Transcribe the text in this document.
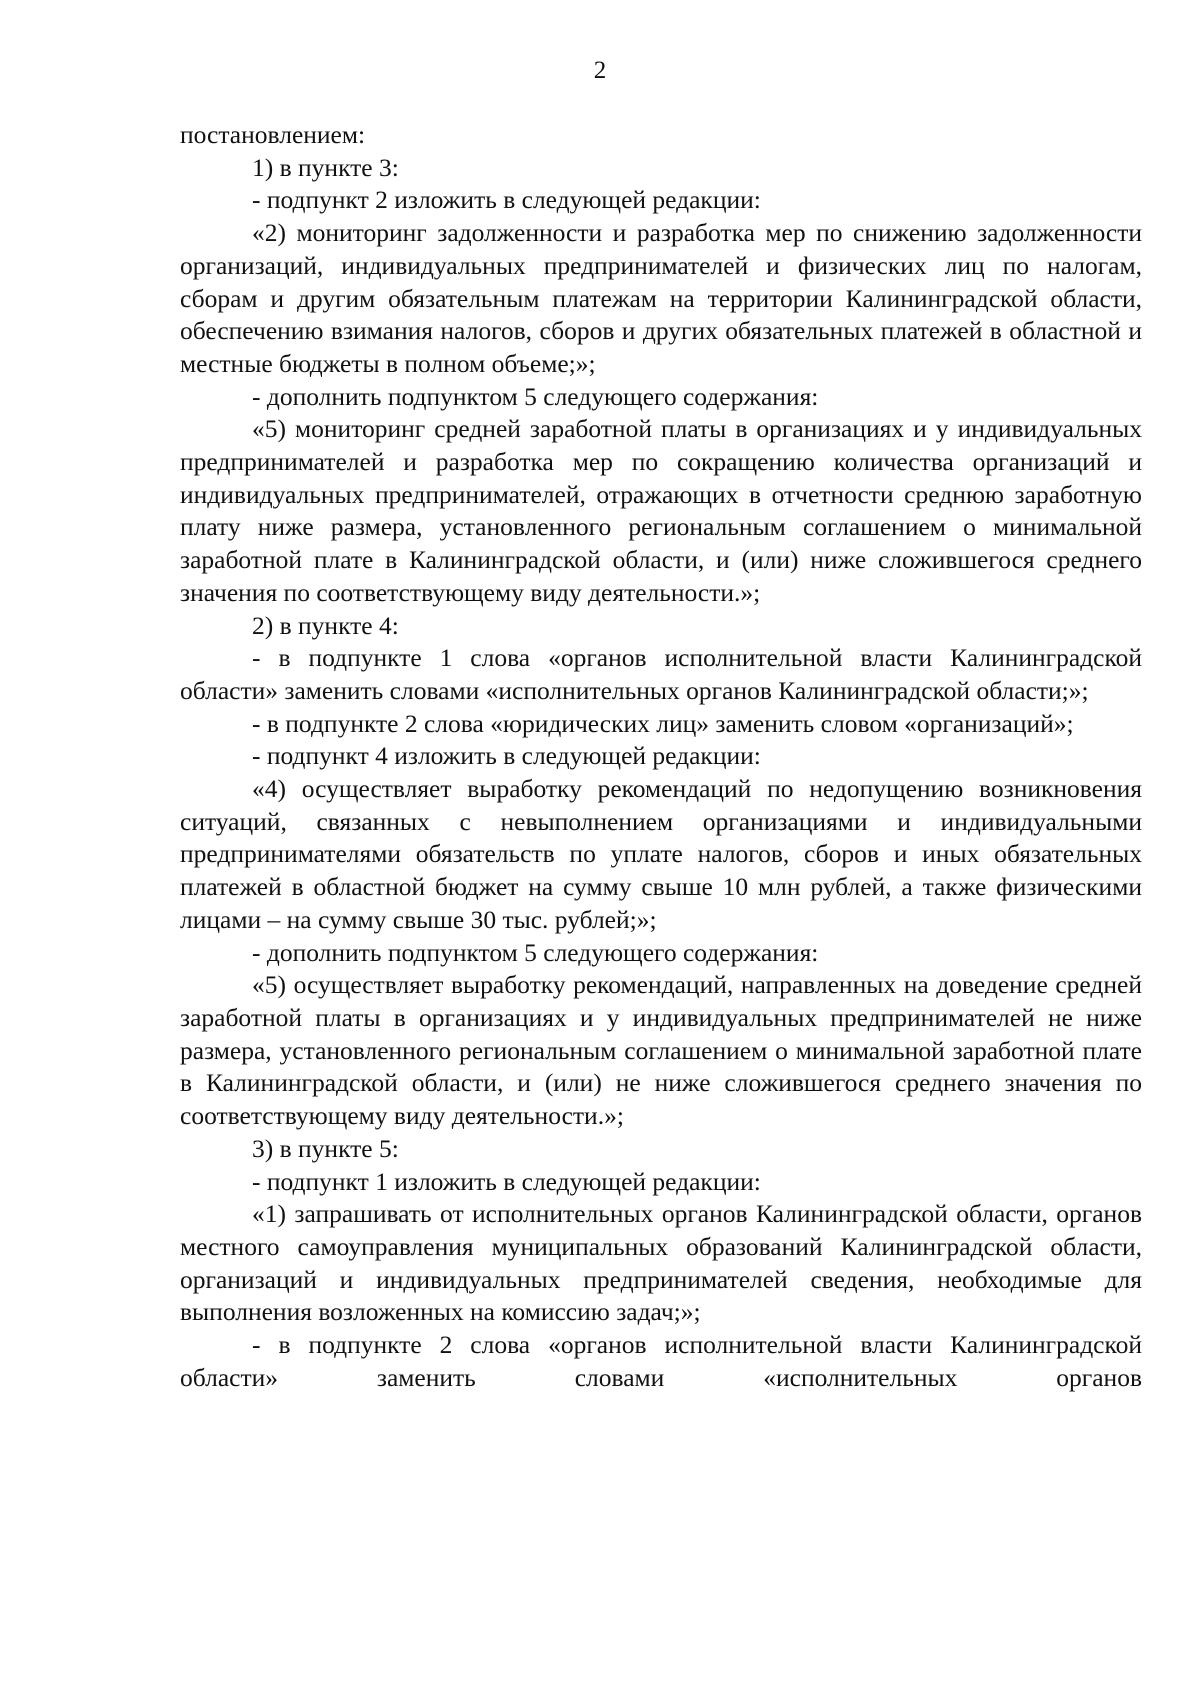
2

постановлением:

1) в пункте 3:

- подпункт 2 изложить в следующей редакции:

«2) мониторинг задолженности и разработка мер по снижению задолженности организаций, индивидуальных предпринимателей и физических лиц по налогам, сборам и другим обязательным платежам на территории Калининградской области, обеспечению взимания налогов, сборов и других обязательных платежей в областной и местные бюджеты в полном объеме;»;

- дополнить подпунктом 5 следующего содержания:

«5) мониторинг средней заработной платы в организациях и у индивидуальных предпринимателей и разработка мер по сокращению количества организаций и индивидуальных предпринимателей, отражающих в отчетности среднюю заработную плату ниже размера, установленного региональным соглашением о минимальной заработной плате в Калининградской области, и (или) ниже сложившегося среднего значения по соответствующему виду деятельности.»;

2) в пункте 4:

- в подпункте 1 слова «органов исполнительной власти Калининградской области» заменить словами «исполнительных органов Калининградской области;»;

- в подпункте 2 слова «юридических лиц» заменить словом «организаций»;

- подпункт 4 изложить в следующей редакции:

«4) осуществляет выработку рекомендаций по недопущению возникновения ситуаций, связанных с невыполнением организациями и индивидуальными предпринимателями обязательств по уплате налогов, сборов и иных обязательных платежей в областной бюджет на сумму свыше 10 млн рублей, а также физическими лицами – на сумму свыше 30 тыс. рублей;»;

- дополнить подпунктом 5 следующего содержания:

«5) осуществляет выработку рекомендаций, направленных на доведение средней заработной платы в организациях и у индивидуальных предпринимателей не ниже размера, установленного региональным соглашением о минимальной заработной плате в Калининградской области, и (или) не ниже сложившегося среднего значения по соответствующему виду деятельности.»;

3) в пункте 5:

- подпункт 1 изложить в следующей редакции:

«1) запрашивать от исполнительных органов Калининградской области, органов местного самоуправления муниципальных образований Калининградской области, организаций и индивидуальных предпринимателей сведения, необходимые для выполнения возложенных на комиссию задач;»;

- в подпункте 2 слова «органов исполнительной власти Калининградской области» заменить словами «исполнительных органов
